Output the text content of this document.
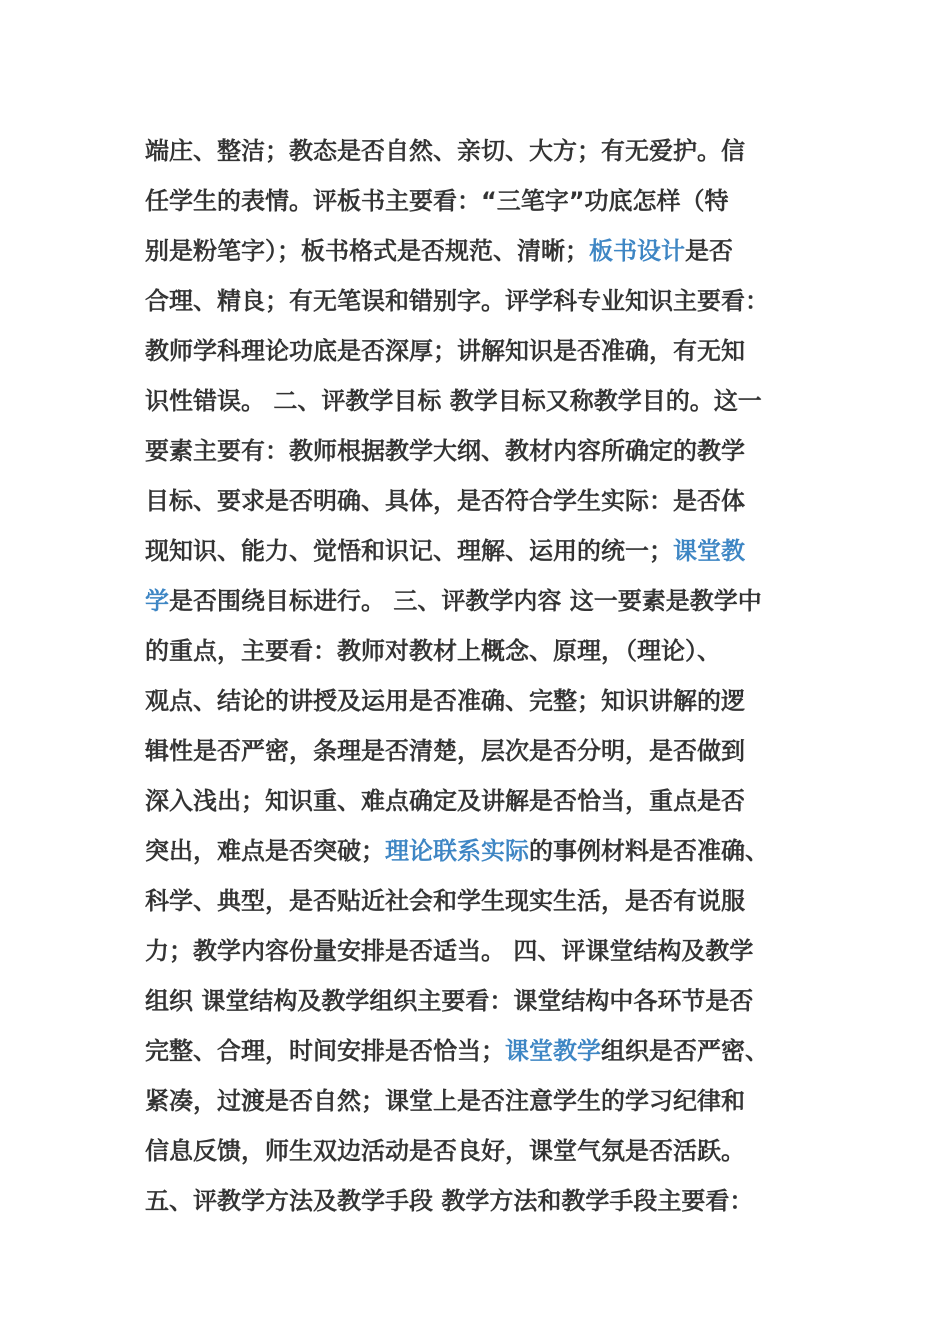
端庄、整洁；教态是否自然、亲切、大方；有无爱护。信
任学生的表情。评板书主要看：“三笔字”功底怎样（特
别是粉笔字）；板书格式是否规范、清晰；板书设计是否
合理、精良；有无笔误和错别字。评学科专业知识主要看：
教师学科理论功底是否深厚；讲解知识是否准确，有无知
识性错误。 二、评教学目标 教学目标又称教学目的。这一
要素主要有：教师根据教学大纲、教材内容所确定的教学
目标、要求是否明确、具体，是否符合学生实际：是否体
现知识、能力、觉悟和识记、理解、运用的统一；课堂教
学是否围绕目标进行。 三、评教学内容 这一要素是教学中
的重点，主要看：教师对教材上概念、原理，（理论）、
观点、结论的讲授及运用是否准确、完整；知识讲解的逻
辑性是否严密，条理是否清楚，层次是否分明，是否做到
深入浅出；知识重、难点确定及讲解是否恰当，重点是否
突出，难点是否突破；理论联系实际的事例材料是否准确、
科学、典型，是否贴近社会和学生现实生活，是否有说服
力；教学内容份量安排是否适当。 四、评课堂结构及教学
组织 课堂结构及教学组织主要看：课堂结构中各环节是否
完整、合理，时间安排是否恰当；课堂教学组织是否严密、
紧凑，过渡是否自然；课堂上是否注意学生的学习纪律和
信息反馈，师生双边活动是否良好，课堂气氛是否活跃。
五、评教学方法及教学手段 教学方法和教学手段主要看：
